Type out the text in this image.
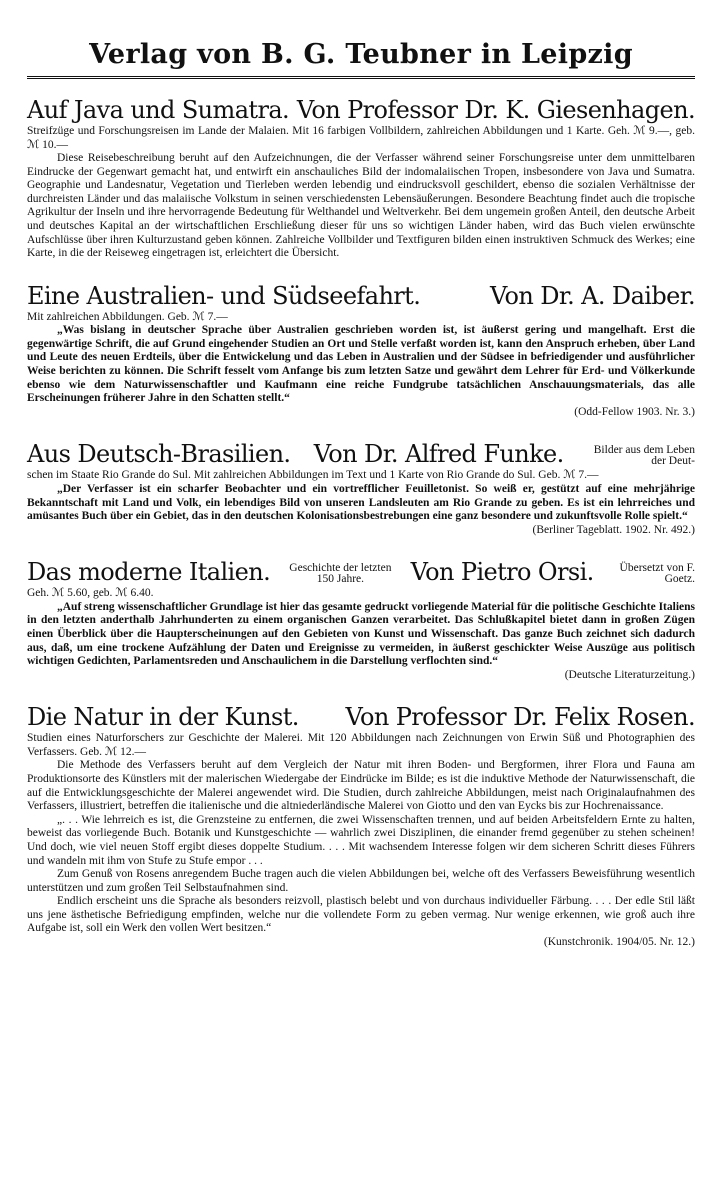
Verlag von B. G. Teubner in Leipzig
Auf Java und Sumatra. Von Professor Dr. K. Giesenhagen.
Streifzüge und Forschungsreisen im Lande der Malaien. Mit 16 farbigen Vollbildern, zahlreichen Abbildungen und 1 Karte. Geh. ℳ 9.—, geb. ℳ 10.—

Diese Reisebeschreibung beruht auf den Aufzeichnungen, die der Verfasser während seiner Forschungsreise unter dem unmittelbaren Eindrucke der Gegenwart gemacht hat, und entwirft ein anschauliches Bild der indomalaiischen Tropen, insbesondere von Java und Sumatra. Geographie und Landesnatur, Vegetation und Tierleben werden lebendig und eindrucksvoll geschildert, ebenso die sozialen Verhältnisse der durchreisten Länder und das malaiische Volkstum in seinen verschiedensten Lebensäußerungen. Besondere Beachtung findet auch die tropische Agrikultur der Inseln und ihre hervorragende Bedeutung für Welthandel und Weltverkehr. Bei dem ungemein großen Anteil, den deutsche Arbeit und deutsches Kapital an der wirtschaftlichen Erschließung dieser für uns so wichtigen Länder haben, wird das Buch vielen erwünschte Aufschlüsse über ihren Kulturzustand geben können. Zahlreiche Vollbilder und Textfiguren bilden einen instruktiven Schmuck des Werkes; eine Karte, in die der Reiseweg eingetragen ist, erleichtert die Übersicht.

Eine Australien- und Südseefahrt.	Von Dr. A. Daiber.
Mit zahlreichen Abbildungen. Geb. ℳ 7.—

„Was bislang in deutscher Sprache über Australien geschrieben worden ist, ist äußerst gering und mangelhaft. Erst die gegenwärtige Schrift, die auf Grund eingehender Studien an Ort und Stelle verfaßt worden ist, kann den Anspruch erheben, über Land und Leute des neuen Erdteils, über die Entwickelung und das Leben in Australien und der Südsee in befriedigender und ausführlicher Weise berichten zu können. Die Schrift fesselt vom Anfange bis zum letzten Satze und gewährt dem Lehrer für Erd- und Völkerkunde ebenso wie dem Naturwissenschaftler und Kaufmann eine reiche Fundgrube tatsächlichen Anschauungsmaterials, das alle Erscheinungen früherer Jahre in den Schatten stellt.“

(Odd-Fellow 1903. Nr. 3.)
Aus Deutsch-Brasilien. Von Dr. Alfred Funke.	Bilder aus dem Leben der Deut-
schen im Staate Rio Grande do Sul. Mit zahlreichen Abbildungen im Text und 1 Karte von Rio Grande do Sul. Geb. ℳ 7.—

„Der Verfasser ist ein scharfer Beobachter und ein vortrefflicher Feuilletonist. So weiß er, gestützt auf eine mehrjährige Bekanntschaft mit Land und Volk, ein lebendiges Bild von unseren Landsleuten am Rio Grande zu geben. Es ist ein lehrreiches und amüsantes Buch über ein Gebiet, das in den deutschen Kolonisationsbestrebungen eine ganz besondere und zukunftsvolle Rolle spielt.“

(Berliner Tageblatt. 1902. Nr. 492.)
Das moderne Italien.	Geschichte der letzten 150 Jahre.	Von Pietro Orsi.	Übersetzt von F. Goetz.
Geh. ℳ 5.60, geb. ℳ 6.40.

„Auf streng wissenschaftlicher Grundlage ist hier das gesamte gedruckt vorliegende Material für die politische Geschichte Italiens in den letzten anderthalb Jahrhunderten zu einem organischen Ganzen verarbeitet. Das Schlußkapitel bietet dann in großen Zügen einen Überblick über die Haupterscheinungen auf den Gebieten von Kunst und Wissenschaft. Das ganze Buch zeichnet sich dadurch aus, daß, um eine trockene Aufzählung der Daten und Ereignisse zu vermeiden, in äußerst geschickter Weise Auszüge aus politisch wichtigen Gedichten, Parlamentsreden und Anschaulichem in die Darstellung verflochten sind.“

(Deutsche Literaturzeitung.)
Die Natur in der Kunst. Von Professor Dr. Felix Rosen.
Studien eines Naturforschers zur Geschichte der Malerei. Mit 120 Abbildungen nach Zeichnungen von Erwin Süß und Photographien des Verfassers. Geb. ℳ 12.—

Die Methode des Verfassers beruht auf dem Vergleich der Natur mit ihren Boden- und Bergformen, ihrer Flora und Fauna am Produktionsorte des Künstlers mit der malerischen Wiedergabe der Eindrücke im Bilde; es ist die induktive Methode der Naturwissenschaft, die auf die Entwicklungsgeschichte der Malerei angewendet wird. Die Studien, durch zahlreiche Abbildungen, meist nach Originalaufnahmen des Verfassers, illustriert, betreffen die italienische und die altniederländische Malerei von Giotto und den van Eycks bis zur Hochrenaissance.

„. . . Wie lehrreich es ist, die Grenzsteine zu entfernen, die zwei Wissenschaften trennen, und auf beiden Arbeitsfeldern Ernte zu halten, beweist das vorliegende Buch. Botanik und Kunstgeschichte — wahrlich zwei Disziplinen, die einander fremd gegenüber zu stehen scheinen! Und doch, wie viel neuen Stoff ergibt dieses doppelte Studium. . . . Mit wachsendem Interesse folgen wir dem sicheren Schritt dieses Führers und wandeln mit ihm von Stufe zu Stufe empor . . .

Zum Genuß von Rosens anregendem Buche tragen auch die vielen Abbildungen bei, welche oft des Verfassers Beweisführung wesentlich unterstützen und zum großen Teil Selbstaufnahmen sind.

Endlich erscheint uns die Sprache als besonders reizvoll, plastisch belebt und von durchaus individueller Färbung. . . . Der edle Stil läßt uns jene ästhetische Befriedigung empfinden, welche nur die vollendete Form zu geben vermag. Nur wenige erkennen, wie groß auch ihre Aufgabe ist, soll ein Werk den vollen Wert besitzen.“

(Kunstchronik. 1904/05. Nr. 12.)
